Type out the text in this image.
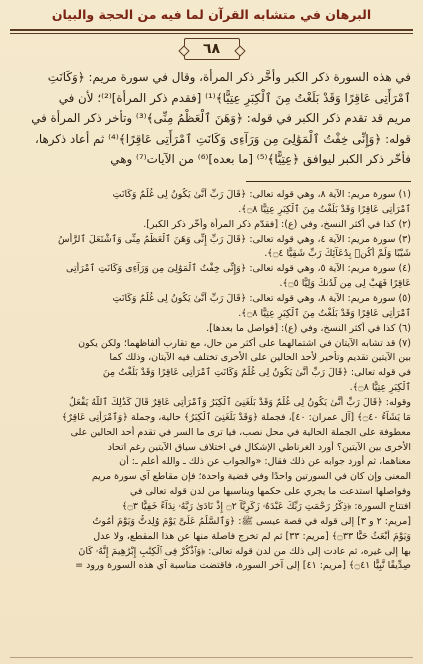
البرهان في متشابه القرآن لما فيه من الحجة والبيان
٦٨
في هذه السورة ذكر الكبر وأخَّر ذكر المرأة، وقال في سورة مريم: ﴿وَكَانَتِ
ٱمْرَأَتِى عَاقِرًا وَقَدْ بَلَغْتُ مِنَ ٱلْكِبَرِ عِتِيًّا﴾⁽¹⁾ [فقدم ذكر المرأة]⁽²⁾؛ لأن في
مريم قد تقدم ذكر الكبر في قوله: ﴿وَهَنَ ٱلْعَظْمُ مِنِّى﴾⁽³⁾ وتأخر ذكر المرأة في
قوله: ﴿وَإِنِّى خِفْتُ ٱلْمَوَٰلِىَ مِن وَرَآءِى وَكَانَتِ ٱمْرَأَتِى عَاقِرًا﴾⁽⁴⁾ ثم أعاد ذكرها،
فأخّر ذكر الكبر ليوافق ﴿عِتِيًّا﴾⁽⁵⁾ [ما بعده]⁽⁶⁾ من الآيات⁽⁷⁾ وهي
(١) سورة مريم: الآية ٨، وهي قوله تعالى: ﴿قَالَ رَبِّ أَنَّىٰ يَكُونُ لِى غُلَٰمٌ وَكَانَتِ
ٱمْرَأَتِى عَاقِرًا وَقَدْ بَلَغْتُ مِنَ ٱلْكِبَرِ عِتِيًّا ۝٨﴾.
(٢) كذا في أكثر النسخ، وفي (ع): [فقدّم ذكر المرأة وأخّر ذكر الكبر].
(٣) سورة مريم: الآية ٤، وهي قوله تعالى: ﴿قَالَ رَبِّ إِنِّى وَهَنَ ٱلْعَظْمُ مِنِّى وَٱشْتَعَلَ ٱلرَّأْسُ
شَيْبًا وَلَمْ أَكُنۢ بِدُعَآئِكَ رَبِّ شَقِيًّا ۝٤﴾.
(٤) سورة مريم: الآية ٥، وهي قوله تعالى: ﴿وَإِنِّى خِفْتُ ٱلْمَوَٰلِىَ مِن وَرَآءِى وَكَانَتِ ٱمْرَأَتِى
عَاقِرًا فَهَبْ لِى مِن لَّدُنكَ وَلِيًّا ۝٥﴾.
(٥) سورة مريم: الآية ٨، وهي قوله تعالى: ﴿قَالَ رَبِّ أَنَّىٰ يَكُونُ لِى غُلَٰمٌ وَكَانَتِ
ٱمْرَأَتِى عَاقِرًا وَقَدْ بَلَغْتُ مِنَ ٱلْكِبَرِ عِتِيًّا ۝٨﴾.
(٦) كذا في أكثر النسخ، وفي (ع): [فواصل ما بعدها].
(٧) قد تشابه الآيتان في اشتمالهما على أكثر من حال، مع تقارب ألفاظهما؛ ولكن يكون
بين الآيتين تقديم وتأخير لأحد الحالين على الأخرى تختلف فيه الآيتان، وذلك كما
في قوله تعالى: ﴿قَالَ رَبِّ أَنَّىٰ يَكُونُ لِى غُلَٰمٌ وَكَانَتِ ٱمْرَأَتِى عَاقِرًا وَقَدْ بَلَغْتُ مِنَ
ٱلْكِبَرِ عِتِيًّا ۝٨﴾.
وقوله: ﴿قَالَ رَبِّ أَنَّىٰ يَكُونُ لِى غُلَٰمٌ وَقَدْ بَلَغَنِىَ ٱلْكِبَرُ وَٱمْرَأَتِى عَاقِرٌ قَالَ كَذَٰلِكَ ٱللَّهُ يَفْعَلُ
مَا يَشَآءُ ۝٤٠﴾ [آل عمران: ٤٠]، فجملة ﴿وَقَدْ بَلَغَنِىَ ٱلْكِبَرُ﴾ حالية، وجملة ﴿وَٱمْرَأَتِى عَاقِرٌ﴾
معطوفة على الجملة الحالية في محل نصب، فيا ترى ما السر في تقدم أحد الحالين على
الأخرى بين الآيتين؟ أورد الغرناطي الإشكال في اختلاف سياق الآيتين رغم اتحاد
معناهما، ثم أورد جوابه عن ذلك فقال: «والجواب عن ذلك ـ والله أعلم ـ: أن
المعنى وإن كان في السورتين واحدًا وفي قضية واحدة؛ فإن مقاطع آي سورة مريم
وفواصلها استدعت ما يجري على حكمها ويناسبها من لدن قوله تعالى في
افتتاح السورة: ﴿ذِكْرُ رَحْمَتِ رَبِّكَ عَبْدَهُۥ زَكَرِيَّآ ۝٢ إِذْ نَادَىٰ رَبَّهُۥ نِدَآءً خَفِيًّا ۝٣﴾
[مريم: ٢ و ٣] إلى قوله في قصة عيسى ﷺ: ﴿وَٱلسَّلَٰمُ عَلَىَّ يَوْمَ وُلِدتُّ وَيَوْمَ أَمُوتُ
وَيَوْمَ أُبْعَثُ حَيًّا ۝٣٣﴾ [مريم: ٣٣] ثم لم تخرج فاصلة منها عن هذا المقطع، ولا عدل
بها إلى غيره، ثم عادت إلى ذلك من لدن قوله تعالى: ﴿وَٱذْكُرْ فِى ٱلْكِتَٰبِ إِبْرَٰهِيمَ إِنَّهُۥ كَانَ
صِدِّيقًا نَّبِيًّا ۝٤١﴾ [مريم: ٤١] إلى آخر السورة، فاقتضت مناسبة آي هذه السورة ورود =
